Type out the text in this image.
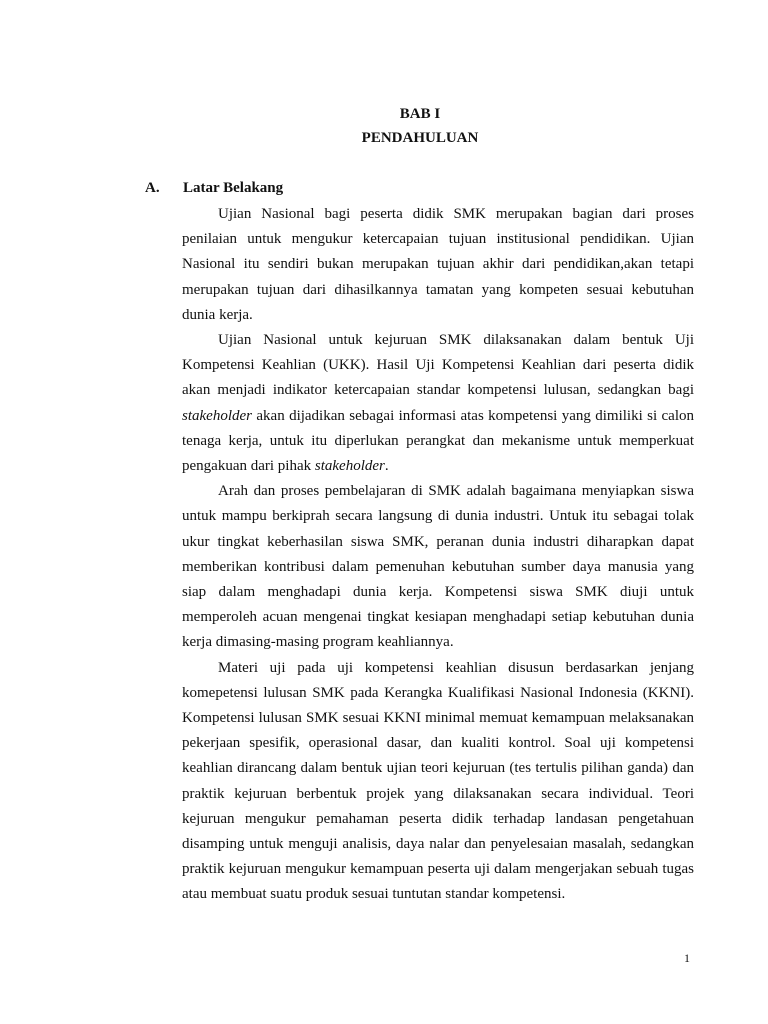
BAB I
PENDAHULUAN
A. Latar Belakang

Ujian Nasional bagi peserta didik SMK merupakan bagian dari proses penilaian untuk mengukur ketercapaian tujuan institusional pendidikan. Ujian Nasional itu sendiri bukan merupakan tujuan akhir dari pendidikan,akan tetapi merupakan tujuan dari dihasilkannya tamatan yang kompeten sesuai kebutuhan dunia kerja.

Ujian Nasional untuk kejuruan SMK dilaksanakan dalam bentuk Uji Kompetensi Keahlian (UKK). Hasil Uji Kompetensi Keahlian dari peserta didik akan menjadi indikator ketercapaian standar kompetensi lulusan, sedangkan bagi stakeholder akan dijadikan sebagai informasi atas kompetensi yang dimiliki si calon tenaga kerja, untuk itu diperlukan perangkat dan mekanisme untuk memperkuat pengakuan dari pihak stakeholder.

Arah dan proses pembelajaran di SMK adalah bagaimana menyiapkan siswa untuk mampu berkiprah secara langsung di dunia industri. Untuk itu sebagai tolak ukur tingkat keberhasilan siswa SMK, peranan dunia industri diharapkan dapat memberikan kontribusi dalam pemenuhan kebutuhan sumber daya manusia yang siap dalam menghadapi dunia kerja. Kompetensi siswa SMK diuji untuk memperoleh acuan mengenai tingkat kesiapan menghadapi setiap kebutuhan dunia kerja dimasing-masing program keahliannya.

Materi uji pada uji kompetensi keahlian disusun berdasarkan jenjang komepetensi lulusan SMK pada Kerangka Kualifikasi Nasional Indonesia (KKNI). Kompetensi lulusan SMK sesuai KKNI minimal memuat kemampuan melaksanakan pekerjaan spesifik, operasional dasar, dan kualiti kontrol. Soal uji kompetensi keahlian dirancang dalam bentuk ujian teori kejuruan (tes tertulis pilihan ganda) dan praktik kejuruan berbentuk projek yang dilaksanakan secara individual. Teori kejuruan mengukur pemahaman peserta didik terhadap landasan pengetahuan disamping untuk menguji analisis, daya nalar dan penyelesaian masalah, sedangkan praktik kejuruan mengukur kemampuan peserta uji dalam mengerjakan sebuah tugas atau membuat suatu produk sesuai tuntutan standar kompetensi.

1
